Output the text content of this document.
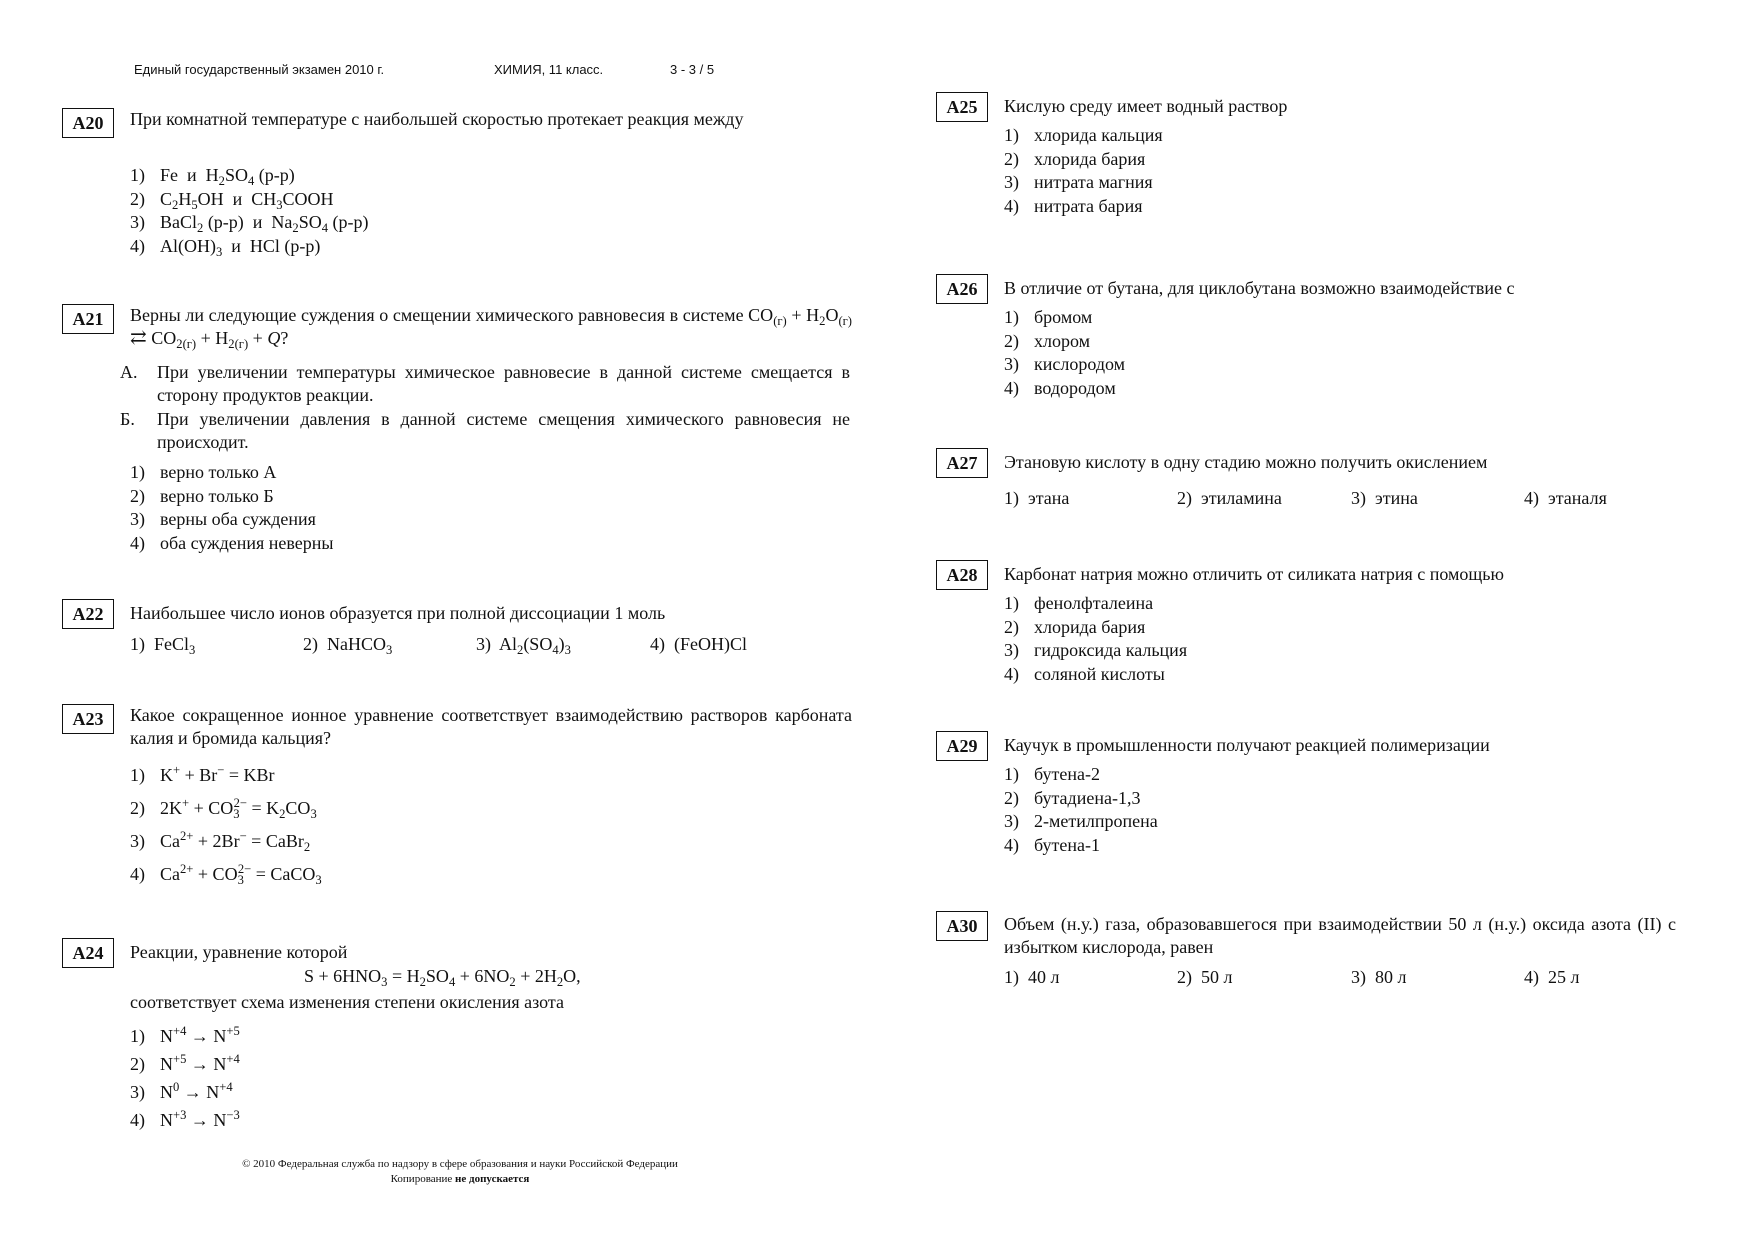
Единый государственный экзамен 2010 г.	ХИМИЯ, 11 класс.	3 - 3 / 5
A20	При комнатной температуре с наибольшей скоростью протекает реакция между
1) Fe  и  $H_2SO_4$ (р-р)
2) $C_2H_5OH$  и  $CH_3COOH$
3) BaCl$_2$ (р-р)  и  $Na_2SO_4$ (р-р)
4) $Al(OH)_3$  и  HCl (р-р)
A21	Верны ли следующие суждения о смещении химического равновесия в системе $CO_{(г)} + H_2O_{(г)}$ ⇄ $CO_{2(г)} + H_{2(г)} + Q$?
А. При увеличении температуры химическое равновесие в данной системе смещается в сторону продуктов реакции.
Б. При увеличении давления в данной системе смещения химического равновесия не происходит.
1) верно только А
2) верно только Б
3) верны оба суждения
4) оба суждения неверны
A22	Наибольшее число ионов образуется при полной диссоциации 1 моль
1)  FeCl$_3$	2)  NaHCO$_3$	3)  $Al_2(SO_4)_3$	4)  (FeOH)Cl
A23	Какое сокращенное ионное уравнение соответствует взаимодействию растворов карбоната калия и бромида кальция?
1) K+ + Br− = KBr
2) $2K^+ + CO_3^{2-} = K_2CO_3$
3) $Ca^{2+} + 2Br^-$ = CaBr$_2$
4) $Ca^{2+} + CO_3^{2-}$ = CaCO$_3$
A24	Реакции, уравнение которой
$S + 6HNO_3 = H_2SO_4 + 6NO_2 + 2H_2O$,
соответствует схема изменения степени окисления азота
1) $N^{+4} \to N^{+5}$
2) $N^{+5} \to N^{+4}$
3) $N^0 \to N^{+4}$
4) $N^{+3} \to N^{-3}$
A25	Кислую среду имеет водный раствор
1) хлорида кальция
2) хлорида бария
3) нитрата магния
4) нитрата бария
A26	В отличие от бутана, для циклобутана возможно взаимодействие с
1) бромом
2) хлором
3) кислородом
4) водородом
A27	Этановую кислоту в одну стадию можно получить окислением
1)  этана	2)  этиламина	3)  этина	4)  этаналя
A28	Карбонат натрия можно отличить от силиката натрия с помощью
1) фенолфталеина
2) хлорида бария
3) гидроксида кальция
4) соляной кислоты
A29	Каучук в промышленности получают реакцией полимеризации
1) бутена-2
2) бутадиена-1,3
3) 2-метилпропена
4) бутена-1
A30	Объем (н.у.) газа, образовавшегося при взаимодействии 50 л (н.у.) оксида азота (II) с избытком кислорода, равен
1)  40 л	2)  50 л	3)  80 л	4)  25 л
© 2010 Федеральная служба по надзору в сфере образования и науки Российской Федерации
Копирование не допускается
